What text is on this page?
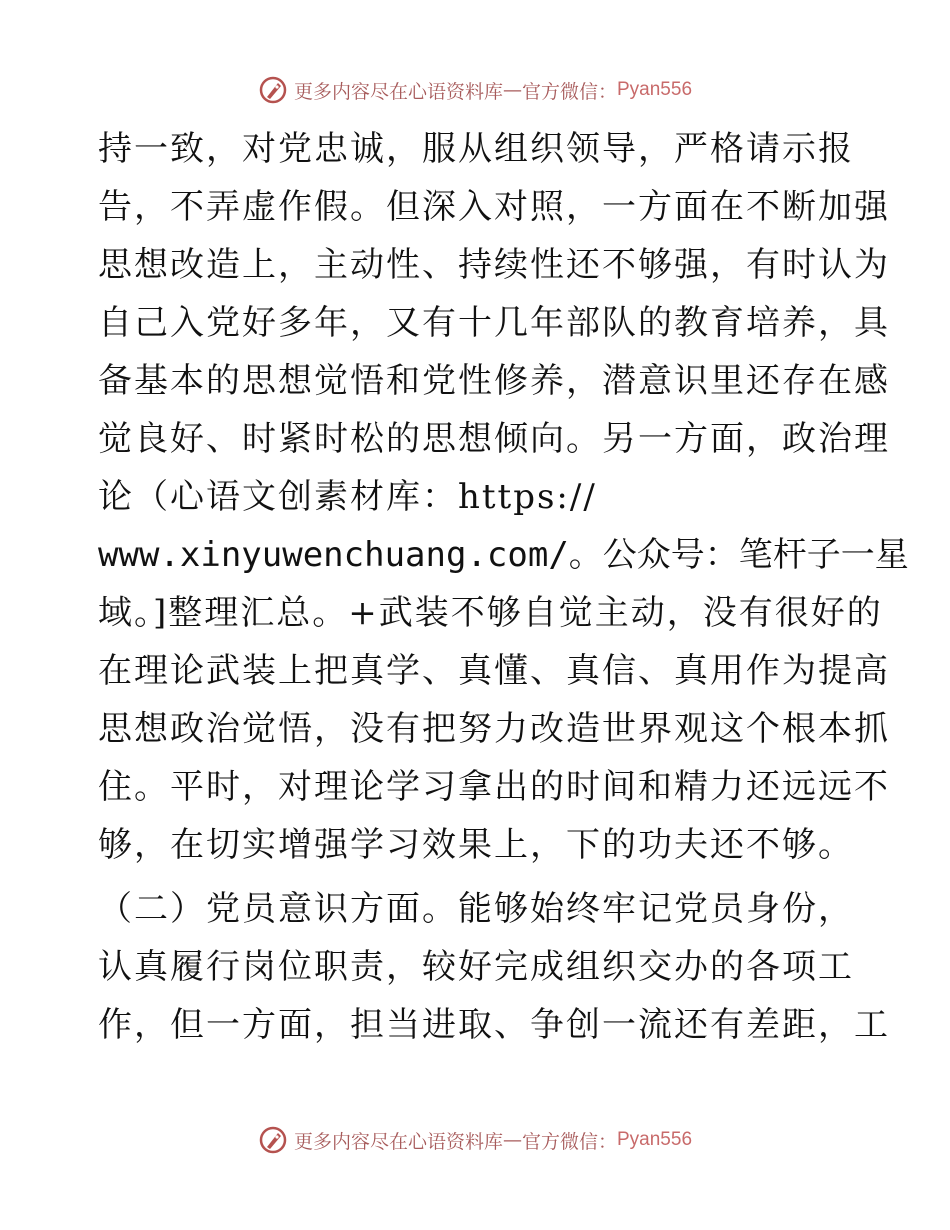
更多内容尽在心语资料库 — 官方微信： Pyan556
持一致，对党忠诚，服从组织领导，严格请示报
告，不弄虚作假。但深入对照，一方面在不断加强
思想改造上，主动性、持续性还不够强，有时认为
自己入党好多年，又有十几年部队的教育培养，具
备基本的思想觉悟和党性修养，潜意识里还存在感
觉良好、时紧时松的思想倾向。另一方面，政治理
论（心语文创素材库：https://
www.xinyuwenchuang.com/。公众号：笔杆子一星
域。]整理汇总。+武装不够自觉主动，没有很好的
在理论武装上把真学、真懂、真信、真用作为提高
思想政治觉悟，没有把努力改造世界观这个根本抓
住。平时，对理论学习拿出的时间和精力还远远不
够，在切实增强学习效果上，下的功夫还不够。
（二）党员意识方面。能够始终牢记党员身份，
认真履行岗位职责，较好完成组织交办的各项工
作，但一方面，担当进取、争创一流还有差距，工
更多内容尽在心语资料库 — 官方微信： Pyan556
